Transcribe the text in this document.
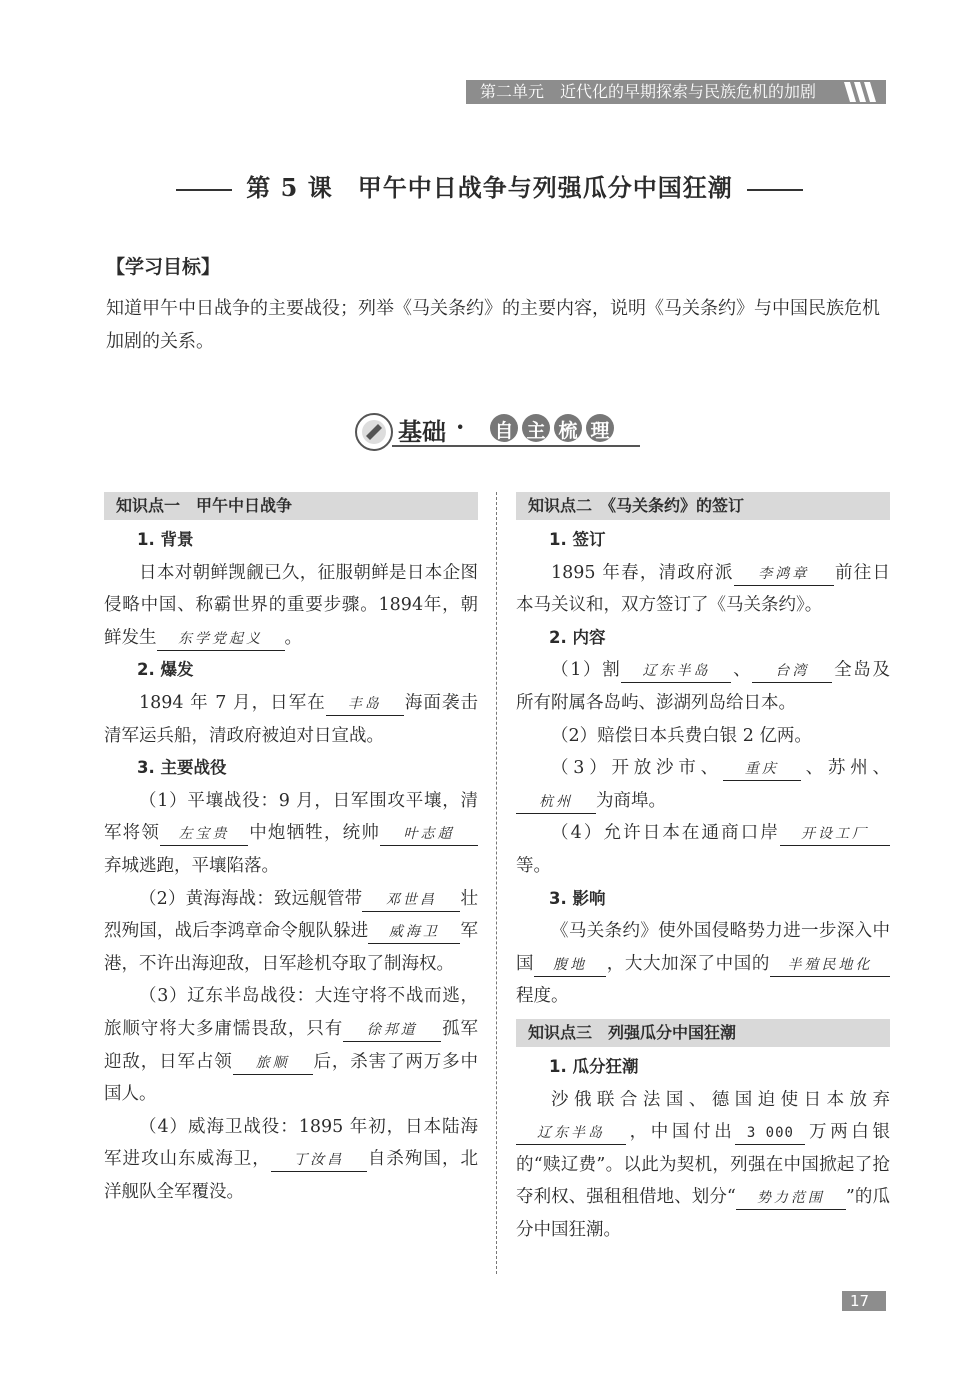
第二单元　近代化的早期探索与民族危机的加剧
第 5 课　甲午中日战争与列强瓜分中国狂潮
【学习目标】
知道甲午中日战争的主要战役；列举《马关条约》的主要内容，说明《马关条约》与中国民族危机加剧的关系。
基础 · 自 主 梳 理
知识点一　甲午中日战争

1. 背景

日本对朝鲜觊觎已久，征服朝鲜是日本企图侵略中国、称霸世界的重要步骤。1894年，朝鲜发生 东学党起义 。

2. 爆发

1894 年 7 月，日军在 丰岛 海面袭击清军运兵船，清政府被迫对日宣战。

3. 主要战役

（1）平壤战役：9 月，日军围攻平壤，清军将领 左宝贵 中炮牺牲，统帅 叶志超弃城逃跑，平壤陷落。

（2）黄海海战：致远舰管带 邓世昌 壮烈殉国，战后李鸿章命令舰队躲进 威海卫 军港，不许出海迎敌，日军趁机夺取了制海权。

（3）辽东半岛战役：大连守将不战而逃，旅顺守将大多庸懦畏敌，只有 徐邦道 孤军迎敌，日军占领 旅顺 后，杀害了两万多中国人。

（4）威海卫战役：1895 年初，日本陆海军进攻山东威海卫， 丁汝昌 自杀殉国，北洋舰队全军覆没。

知识点二　《马关条约》的签订

1. 签订

1895 年春，清政府派 李鸿章 前往日本马关议和，双方签订了《马关条约》。

2. 内容

（1）割 辽东半岛 、 台湾 全岛及所有附属各岛屿、澎湖列岛给日本。

（2）赔偿日本兵费白银 2 亿两。

（3）开放沙市、 重庆 、苏州、杭州 为商埠。

（4）允许日本在通商口岸 开设工厂等。

3. 影响

《马关条约》使外国侵略势力进一步深入中国 腹地 ，大大加深了中国的 半殖民地化程度。

知识点三　列强瓜分中国狂潮

1. 瓜分狂潮

沙俄联合法国、德国迫使日本放弃辽东半岛 ，中国付出 3 000 万两白银的“赎辽费”。以此为契机，列强在中国掀起了抢夺利权、强租租借地、划分“ 势力范围 ”的瓜分中国狂潮。

17
